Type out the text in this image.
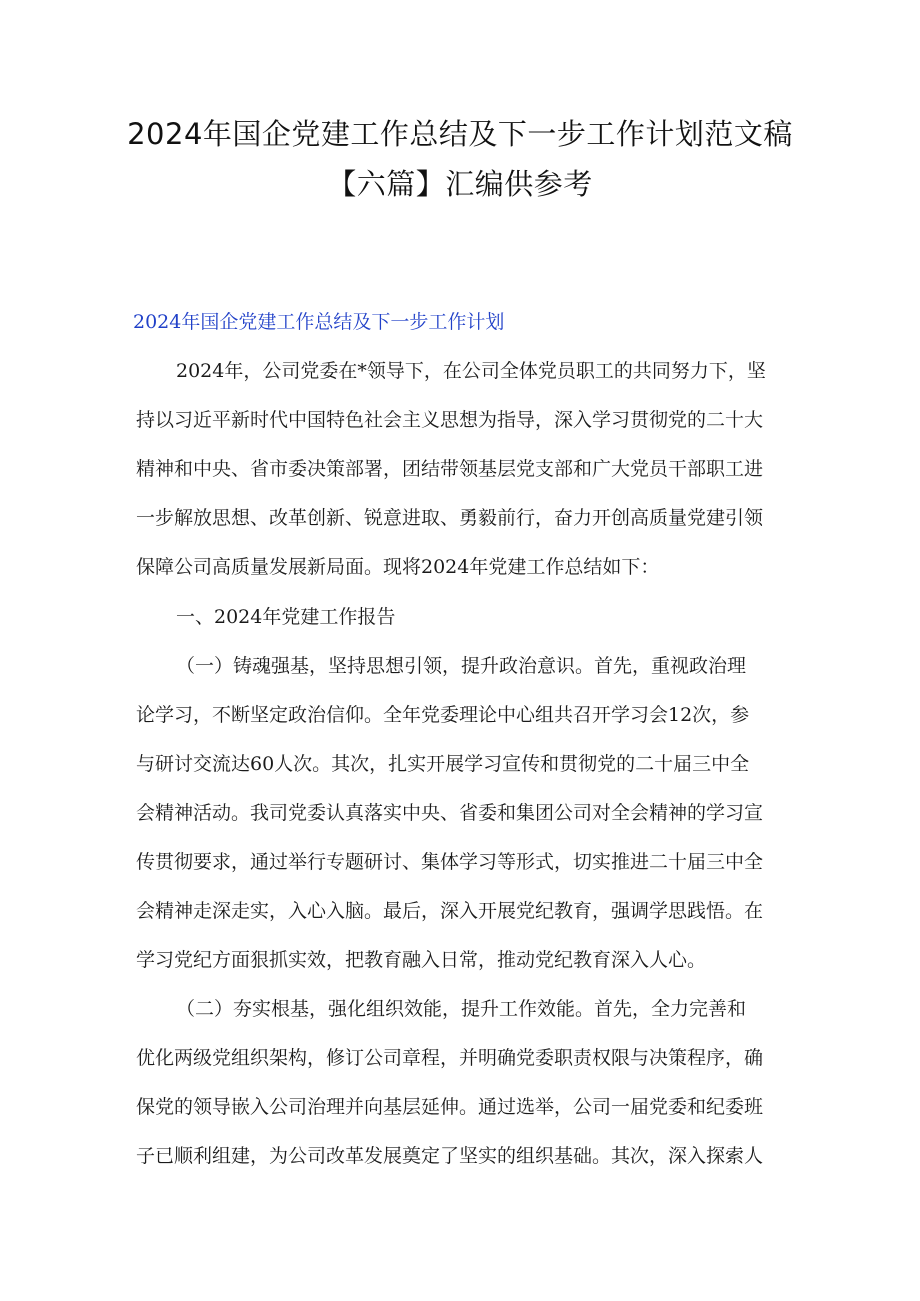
2024年国企党建工作总结及下一步工作计划范文稿
【六篇】汇编供参考
2024年国企党建工作总结及下一步工作计划
2024年，公司党委在*领导下，在公司全体党员职工的共同努力下，坚
持以习近平新时代中国特色社会主义思想为指导，深入学习贯彻党的二十大
精神和中央、省市委决策部署，团结带领基层党支部和广大党员干部职工进
一步解放思想、改革创新、锐意进取、勇毅前行，奋力开创高质量党建引领
保障公司高质量发展新局面。现将2024年党建工作总结如下：
一、2024年党建工作报告
（一）铸魂强基，坚持思想引领，提升政治意识。首先，重视政治理
论学习，不断坚定政治信仰。全年党委理论中心组共召开学习会12次，参
与研讨交流达60人次。其次，扎实开展学习宣传和贯彻党的二十届三中全
会精神活动。我司党委认真落实中央、省委和集团公司对全会精神的学习宣
传贯彻要求，通过举行专题研讨、集体学习等形式，切实推进二十届三中全
会精神走深走实，入心入脑。最后，深入开展党纪教育，强调学思践悟。在
学习党纪方面狠抓实效，把教育融入日常，推动党纪教育深入人心。
（二）夯实根基，强化组织效能，提升工作效能。首先，全力完善和
优化两级党组织架构，修订公司章程，并明确党委职责权限与决策程序，确
保党的领导嵌入公司治理并向基层延伸。通过选举，公司一届党委和纪委班
子已顺利组建，为公司改革发展奠定了坚实的组织基础。其次，深入探索人
